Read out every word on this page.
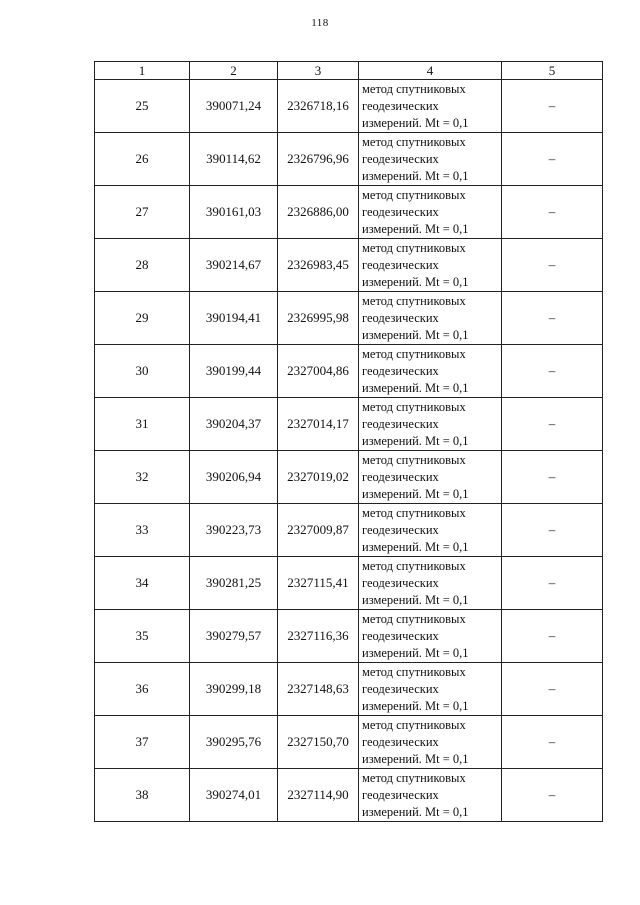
118
1	2	3	4	5
25	390071,24	2326718,16	метод спутниковых
геодезических
измерений. Mt = 0,1	–
26	390114,62	2326796,96	метод спутниковых
геодезических
измерений. Mt = 0,1	–
27	390161,03	2326886,00	метод спутниковых
геодезических
измерений. Mt = 0,1	–
28	390214,67	2326983,45	метод спутниковых
геодезических
измерений. Mt = 0,1	–
29	390194,41	2326995,98	метод спутниковых
геодезических
измерений. Mt = 0,1	–
30	390199,44	2327004,86	метод спутниковых
геодезических
измерений. Mt = 0,1	–
31	390204,37	2327014,17	метод спутниковых
геодезических
измерений. Mt = 0,1	–
32	390206,94	2327019,02	метод спутниковых
геодезических
измерений. Mt = 0,1	–
33	390223,73	2327009,87	метод спутниковых
геодезических
измерений. Mt = 0,1	–
34	390281,25	2327115,41	метод спутниковых
геодезических
измерений. Mt = 0,1	–
35	390279,57	2327116,36	метод спутниковых
геодезических
измерений. Mt = 0,1	–
36	390299,18	2327148,63	метод спутниковых
геодезических
измерений. Mt = 0,1	–
37	390295,76	2327150,70	метод спутниковых
геодезических
измерений. Mt = 0,1	–
38	390274,01	2327114,90	метод спутниковых
геодезических
измерений. Mt = 0,1	–
